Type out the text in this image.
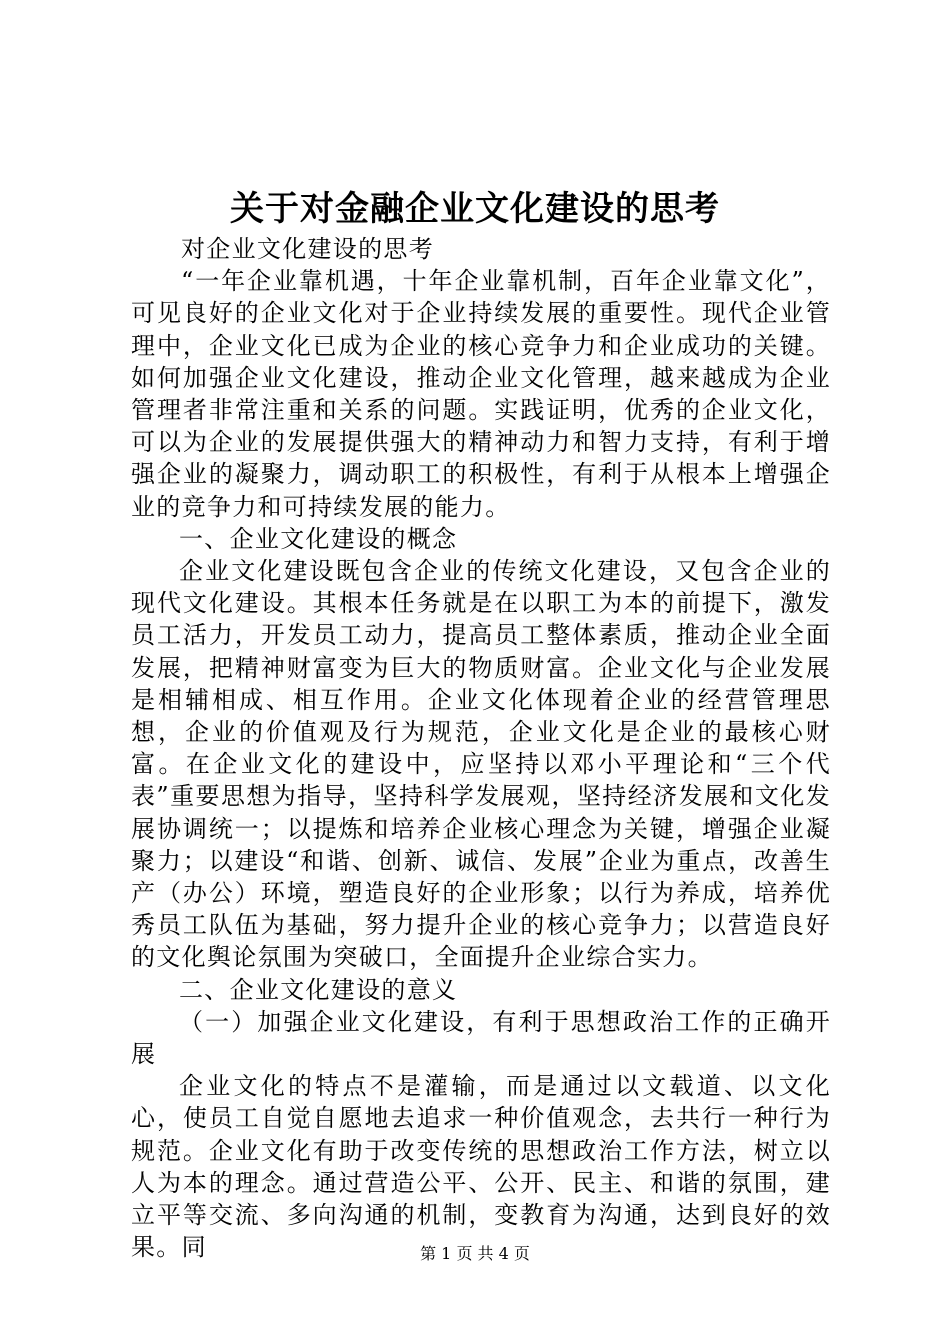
关于对金融企业文化建设的思考

对企业文化建设的思考

“一年企业靠机遇，十年企业靠机制，百年企业靠文化”，可见良好的企业文化对于企业持续发展的重要性。现代企业管理中，企业文化已成为企业的核心竞争力和企业成功的关键。如何加强企业文化建设，推动企业文化管理，越来越成为企业管理者非常注重和关系的问题。实践证明，优秀的企业文化，可以为企业的发展提供强大的精神动力和智力支持，有利于增强企业的凝聚力，调动职工的积极性，有利于从根本上增强企业的竞争力和可持续发展的能力。

一、企业文化建设的概念

企业文化建设既包含企业的传统文化建设，又包含企业的现代文化建设。其根本任务就是在以职工为本的前提下，激发员工活力，开发员工动力，提高员工整体素质，推动企业全面发展，把精神财富变为巨大的物质财富。企业文化与企业发展是相辅相成、相互作用。企业文化体现着企业的经营管理思想，企业的价值观及行为规范，企业文化是企业的最核心财富。在企业文化的建设中，应坚持以邓小平理论和“三个代表”重要思想为指导，坚持科学发展观，坚持经济发展和文化发展协调统一；以提炼和培养企业核心理念为关键，增强企业凝聚力；以建设“和谐、创新、诚信、发展”企业为重点，改善生产（办公）环境，塑造良好的企业形象；以行为养成，培养优秀员工队伍为基础，努力提升企业的核心竞争力；以营造良好的文化舆论氛围为突破口，全面提升企业综合实力。

二、企业文化建设的意义

（一）加强企业文化建设，有利于思想政治工作的正确开展

企业文化的特点不是灌输，而是通过以文载道、以文化心，使员工自觉自愿地去追求一种价值观念，去共行一种行为规范。企业文化有助于改变传统的思想政治工作方法，树立以人为本的理念。通过营造公平、公开、民主、和谐的氛围，建立平等交流、多向沟通的机制，变教育为沟通，达到良好的效果。同	第 1 页 共 4 页
